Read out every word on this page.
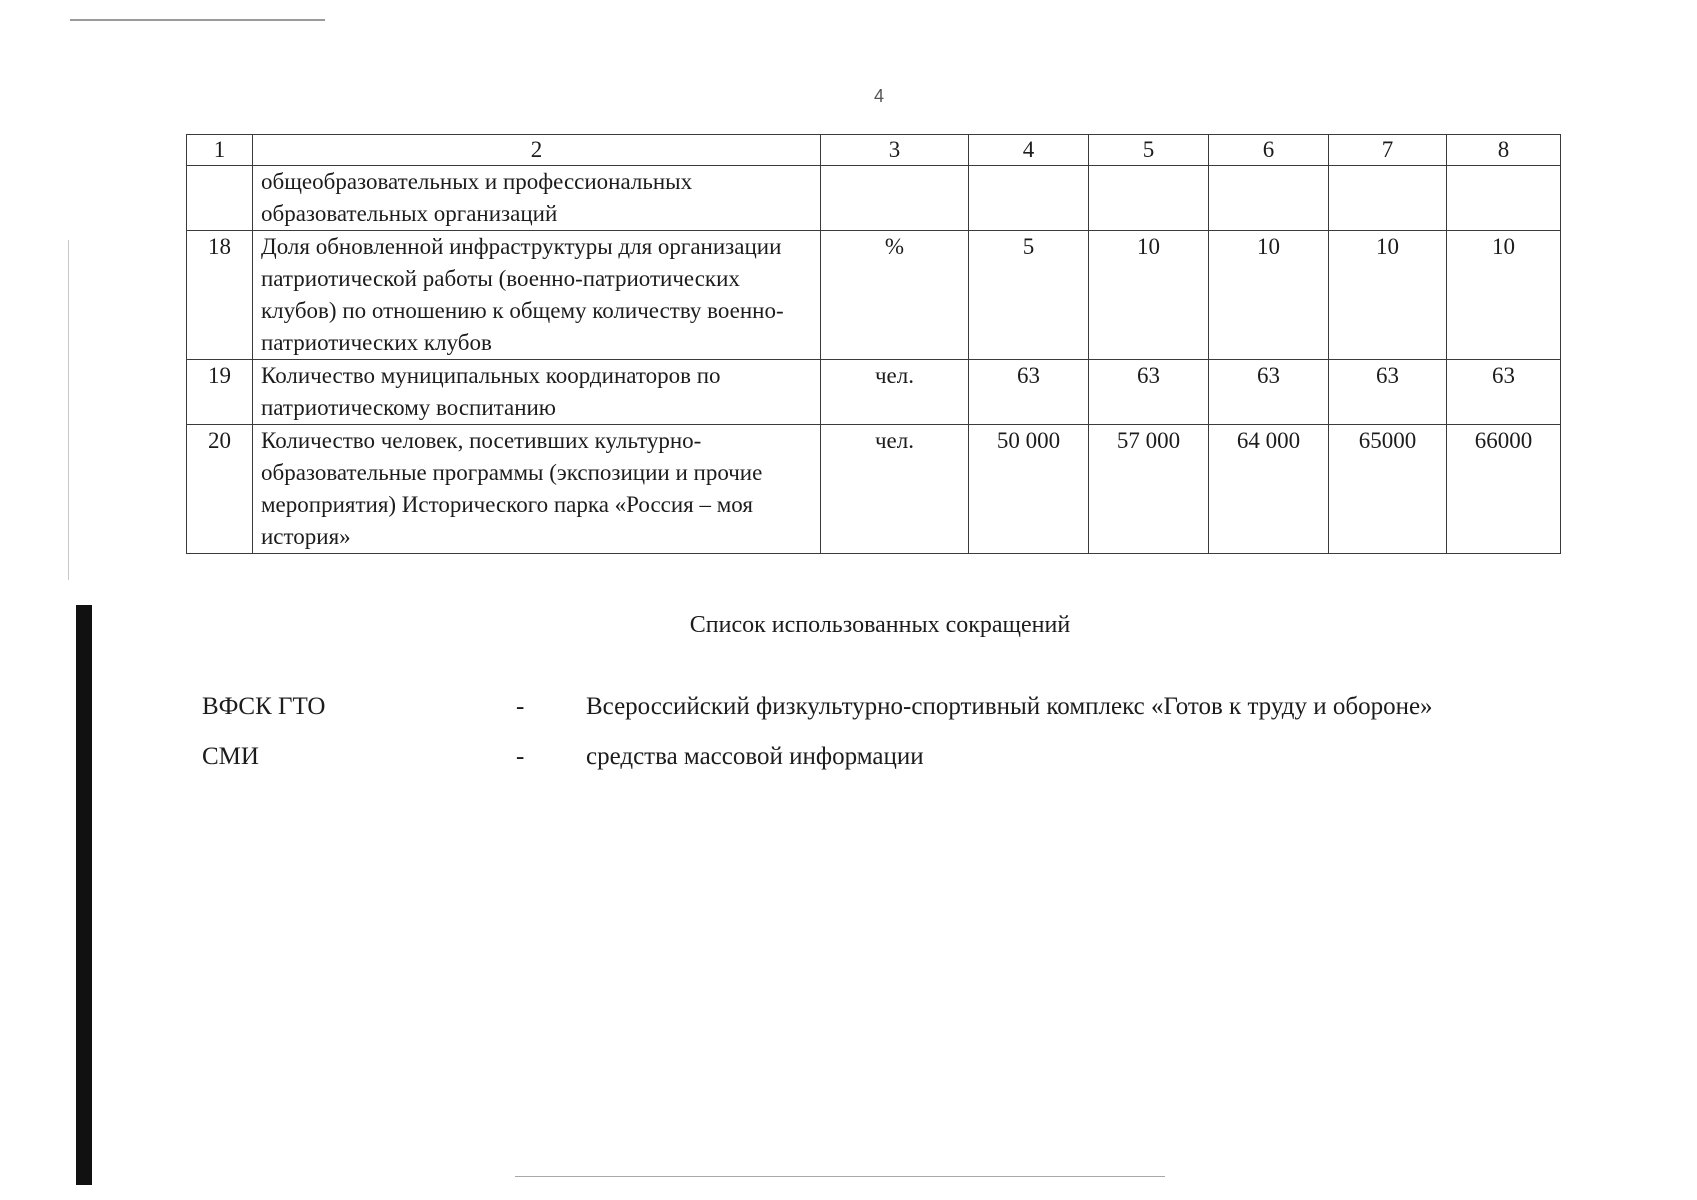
4
1	2	3	4	5	6	7	8
	общеобразовательных и профессиональных образовательных организаций						
18	Доля обновленной инфраструктуры для организации патриотической работы (военно-патриотических клубов) по отношению к общему количеству военно-патриотических клубов	%	5	10	10	10	10
19	Количество муниципальных координаторов по патриотическому воспитанию	чел.	63	63	63	63	63
20	Количество человек, посетивших культурно-образовательные программы (экспозиции и прочие мероприятия) Исторического парка «Россия – моя история»	чел.	50 000	57 000	64 000	65000	66000
Список использованных сокращений
ВФСК ГТО	- Всероссийский физкультурно-спортивный комплекс «Готов к труду и обороне»
СМИ	- средства массовой информации
